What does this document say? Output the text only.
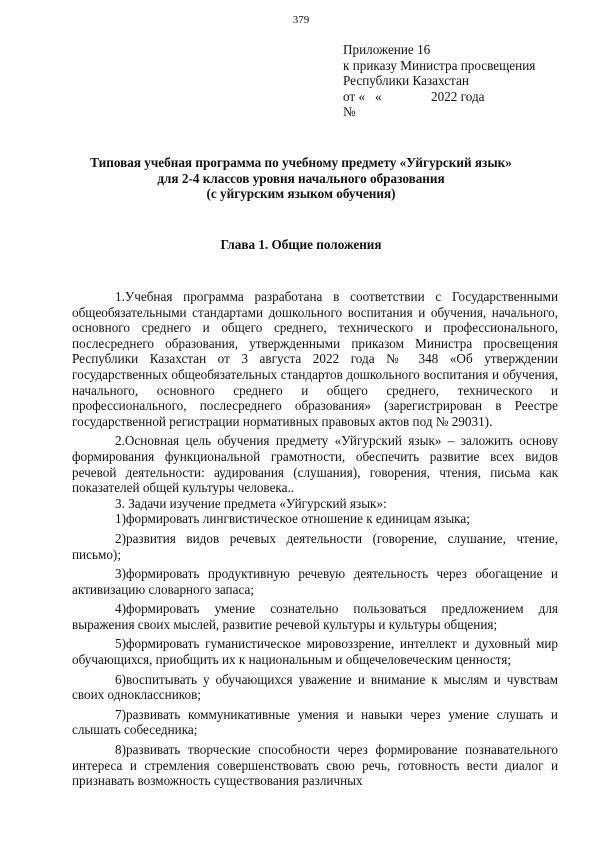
379
Приложение 16
к приказу Министра просвещения
Республики Казахстан
от «   «               2022 года
№
Типовая учебная программа по учебному предмету «Уйгурский язык»
для 2-4 классов уровня начального образования
(с уйгурским языком обучения)
Глава 1. Общие положения

1.Учебная программа разработана в соответствии с Государственными общеобязательными стандартами дошкольного воспитания и обучения, начального, основного среднего и общего среднего, технического и профессионального, послесреднего образования, утвержденными приказом Министра просвещения Республики Казахстан от 3 августа 2022 года № 348 «Об утверждении государственных общеобязательных стандартов дошкольного воспитания и обучения, начального, основного среднего и общего среднего, технического и профессионального, послесреднего образования» (зарегистрирован в Реестре государственной регистрации нормативных правовых актов под № 29031).

2.Основная цель обучения предмету «Уйгурский язык» – заложить основу формирования функциональной грамотности, обеспечить развитие всех видов речевой деятельности: аудирования (слушания), говорения, чтения, письма как показателей общей культуры человека..

3. Задачи изучение предмета «Уйгурский язык»:

1)формировать лингвистическое отношение к единицам языка;

2)развития видов речевых деятельности (говорение, слушание, чтение, письмо);

3)формировать продуктивную речевую деятельность через обогащение и активизацию словарного запаса;

4)формировать умение сознательно пользоваться предложением для выражения своих мыслей, развитие речевой культуры и культуры общения;

5)формировать гуманистическое мировоззрение, интеллект и духовный мир обучающихся, приобщить их к национальным и общечеловеческим ценностя;

6)воспитывать у обучающихся уважение и внимание к мыслям и чувствам своих одноклассников;

7)развивать коммуникативные умения и навыки через умение слушать и слышать собеседника;

8)развивать творческие способности через формирование познавательного интереса и стремления совершенствовать свою речь, готовность вести диалог и признавать возможность существования различных
